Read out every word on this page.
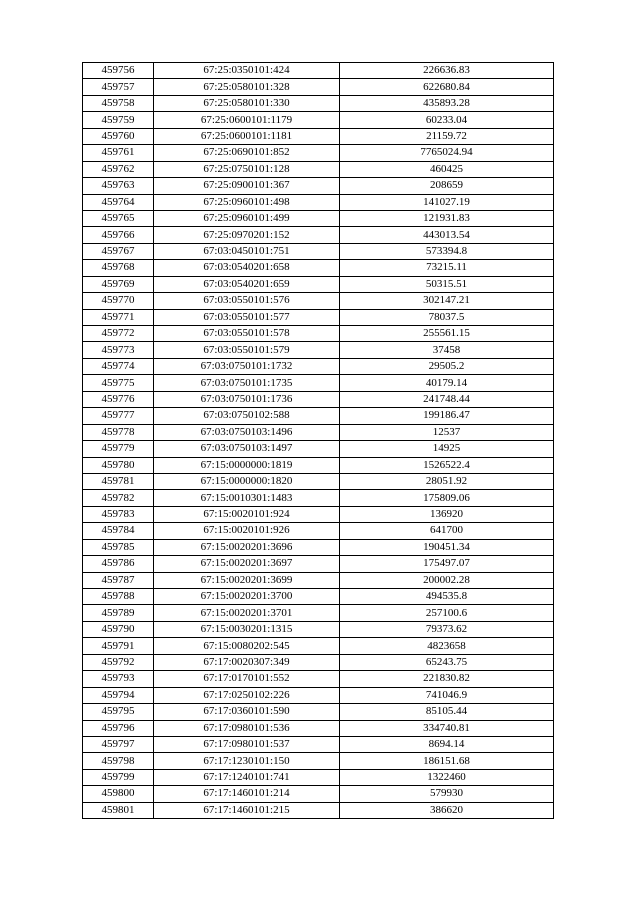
459756	67:25:0350101:424	226636.83
459757	67:25:0580101:328	622680.84
459758	67:25:0580101:330	435893.28
459759	67:25:0600101:1179	60233.04
459760	67:25:0600101:1181	21159.72
459761	67:25:0690101:852	7765024.94
459762	67:25:0750101:128	460425
459763	67:25:0900101:367	208659
459764	67:25:0960101:498	141027.19
459765	67:25:0960101:499	121931.83
459766	67:25:0970201:152	443013.54
459767	67:03:0450101:751	573394.8
459768	67:03:0540201:658	73215.11
459769	67:03:0540201:659	50315.51
459770	67:03:0550101:576	302147.21
459771	67:03:0550101:577	78037.5
459772	67:03:0550101:578	255561.15
459773	67:03:0550101:579	37458
459774	67:03:0750101:1732	29505.2
459775	67:03:0750101:1735	40179.14
459776	67:03:0750101:1736	241748.44
459777	67:03:0750102:588	199186.47
459778	67:03:0750103:1496	12537
459779	67:03:0750103:1497	14925
459780	67:15:0000000:1819	1526522.4
459781	67:15:0000000:1820	28051.92
459782	67:15:0010301:1483	175809.06
459783	67:15:0020101:924	136920
459784	67:15:0020101:926	641700
459785	67:15:0020201:3696	190451.34
459786	67:15:0020201:3697	175497.07
459787	67:15:0020201:3699	200002.28
459788	67:15:0020201:3700	494535.8
459789	67:15:0020201:3701	257100.6
459790	67:15:0030201:1315	79373.62
459791	67:15:0080202:545	4823658
459792	67:17:0020307:349	65243.75
459793	67:17:0170101:552	221830.82
459794	67:17:0250102:226	741046.9
459795	67:17:0360101:590	85105.44
459796	67:17:0980101:536	334740.81
459797	67:17:0980101:537	8694.14
459798	67:17:1230101:150	186151.68
459799	67:17:1240101:741	1322460
459800	67:17:1460101:214	579930
459801	67:17:1460101:215	386620
